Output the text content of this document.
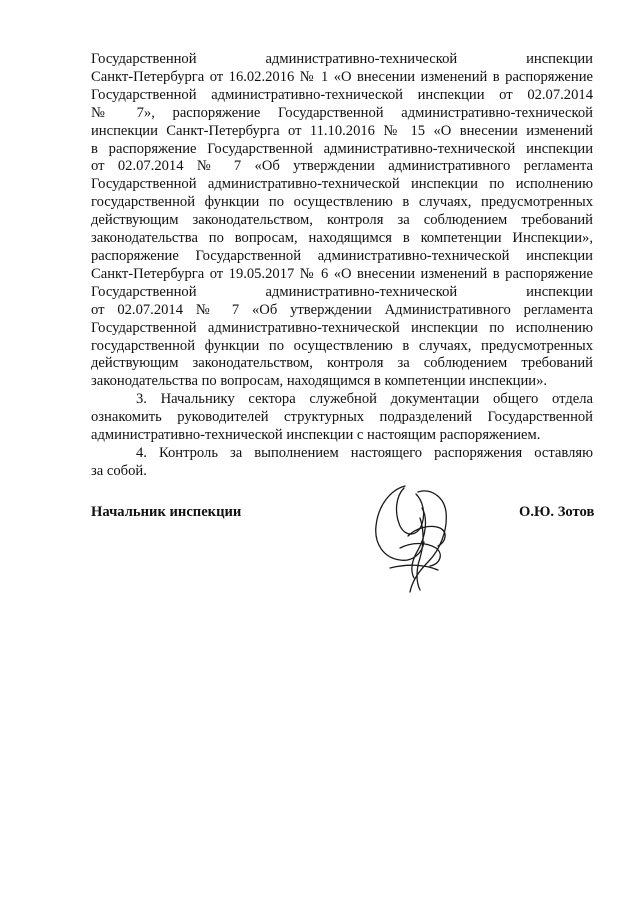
Государственной административно-технической инспекции
Санкт-Петербурга от 16.02.2016 № 1 «О внесении изменений в распоряжение
Государственной административно-технической инспекции от 02.07.2014
№ 7», распоряжение Государственной административно-технической
инспекции Санкт-Петербурга от 11.10.2016 № 15 «О внесении изменений
в распоряжение Государственной административно-технической инспекции
от 02.07.2014 № 7 «Об утверждении административного регламента
Государственной административно-технической инспекции по исполнению
государственной функции по осуществлению в случаях, предусмотренных
действующим законодательством, контроля за соблюдением требований
законодательства по вопросам, находящимся в компетенции Инспекции»,
распоряжение Государственной административно-технической инспекции
Санкт-Петербурга от 19.05.2017 № 6 «О внесении изменений в распоряжение
Государственной административно-технической инспекции
от 02.07.2014 № 7 «Об утверждении Административного регламента
Государственной административно-технической инспекции по исполнению
государственной функции по осуществлению в случаях, предусмотренных
действующим законодательством, контроля за соблюдением требований
законодательства по вопросам, находящимся в компетенции инспекции».
3. Начальнику сектора служебной документации общего отдела
ознакомить руководителей структурных подразделений Государственной
административно-технической инспекции с настоящим распоряжением.
4. Контроль за выполнением настоящего распоряжения оставляю
за собой.
Начальник инспекции	О.Ю. Зотов
